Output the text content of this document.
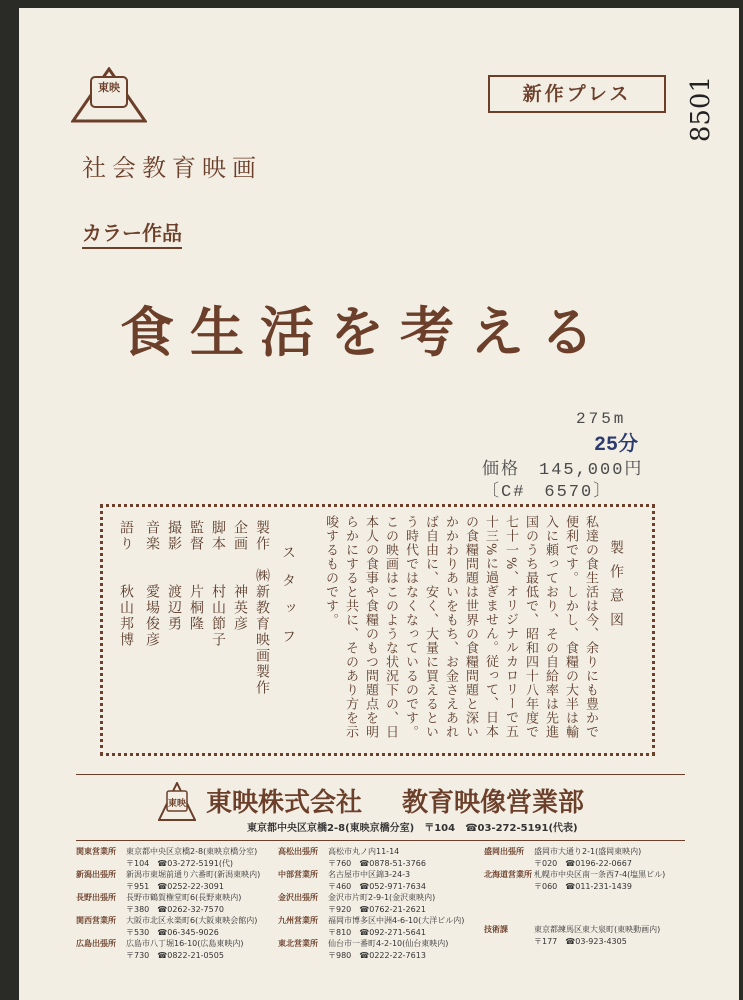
東映	新作プレス	8501
社会教育映画
カラー作品
食生活を考える
275m
25分
価格　145,000円
〔C#　6570〕
製作意図
私達の食生活は今、余りにも豊かで便利です。しかし、食糧の大半は輸入に頼っており、その自給率は先進国のうち最低で、昭和四十八年度で七十一%、オリジナルカロリーで五十三%に過ぎません。従って、日本の食糧問題は世界の食糧問題と深いかかわりあいをもち、お金さえあれば自由に、安く、大量に買えるという時代ではなくなっているのです。この映画はこのような状況下の、日本人の食事や食糧のもつ問題点を明らかにすると共に、そのあり方を示唆するものです。
スタッフ
製作　㈱新教育映画製作
企画　　神英彦
脚本　　村山節子
監督　　片桐隆
撮影　　渡辺勇
音楽　　愛場俊彦
語り　　秋山邦博
東映 東映株式会社 教育映像営業部
東京都中央区京橋2-8(東映京橋分室)　〒104　☎03-272-5191(代表)
関東営業所 東京都中央区京橋2-8(東映京橋分室)
〒104　☎03-272-5191(代)
新潟出張所 新潟市東堀前通り六番町(新潟東映内)
〒951　☎0252-22-3091
長野出張所 長野市鶴賀権堂町6(長野東映内)
〒380　☎0262-32-7570
関西営業所 大阪市北区永楽町6(大阪東映会館内)
〒530　☎06-345-9026
広島出張所 広島市八丁堀16-10(広島東映内)
〒730　☎0822-21-0505
高松出張所 高松市丸ノ内11-14
〒760　☎0878-51-3766
中部営業所 名古屋市中区錦3-24-3
〒460　☎052-971-7634
金沢出張所 金沢市片町2-9-1(金沢東映内)
〒920　☎0762-21-2621
九州営業所 福岡市博多区中洲4-6-10(大洋ビル内)
〒810　☎092-271-5641
東北営業所 仙台市一番町4-2-10(仙台東映内)
〒980　☎0222-22-7613
盛岡出張所 盛岡市大通り2-1(盛岡東映内)
〒020　☎0196-22-0667
北海道営業所 札幌市中央区南一条西7-4(塩黒ビル)
〒060　☎011-231-1439
技術課	東京都練馬区東大泉町(東映動画内)
〒177　☎03-923-4305
